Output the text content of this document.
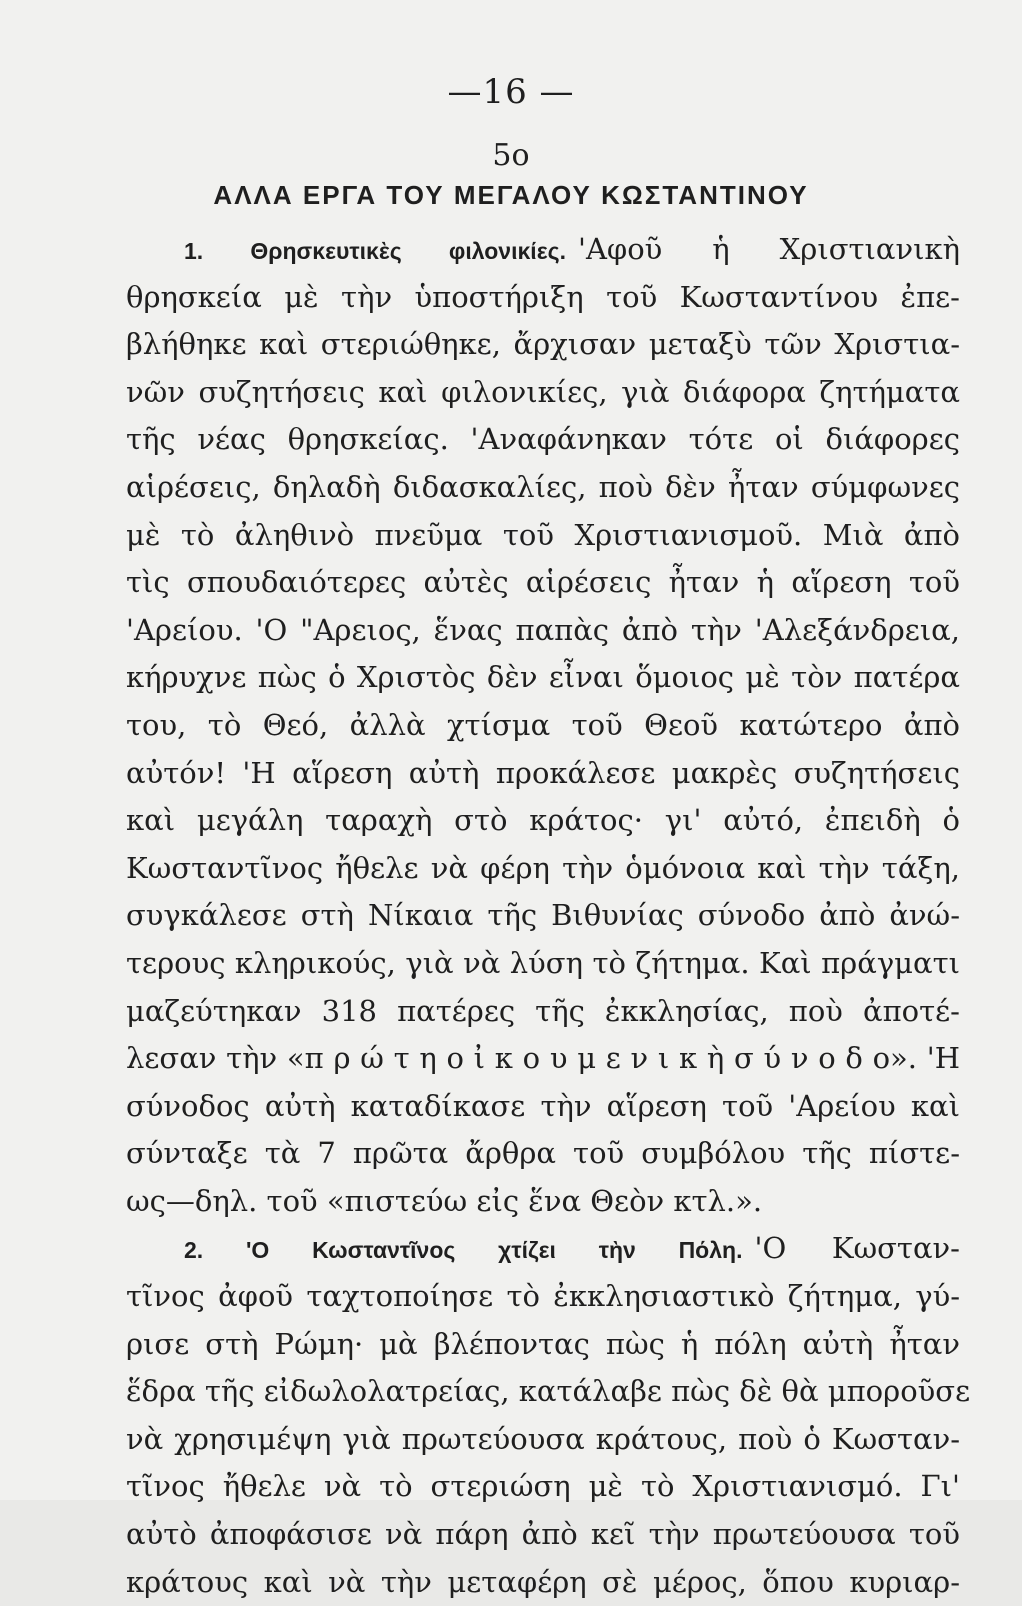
—16 —
5ο
ΑΛΛΑ ΕΡΓΑ ΤΟΥ ΜΕΓΑΛΟΥ ΚΩΣΤΑΝΤΙΝΟΥ
1. Θρησκευτικὲς φιλονικίες. 'Αφοῦ ἡ Χριστιανικὴ
θρησκεία μὲ τὴν ὑποστήριξη τοῦ Κωσταντίνου ἐπε-
βλήθηκε καὶ στεριώθηκε, ἄρχισαν μεταξὺ τῶν Χριστια-
νῶν συζητήσεις καὶ φιλονικίες, γιὰ διάφορα ζητήματα
τῆς νέας θρησκείας. 'Αναφάνηκαν τότε οἱ διάφορες
αἱρέσεις, δηλαδὴ διδασκαλίες, ποὺ δὲν ἦταν σύμφωνες
μὲ τὸ ἀληθινὸ πνεῦμα τοῦ Χριστιανισμοῦ. Μιὰ ἀπὸ
τὶς σπουδαιότερες αὐτὲς αἱρέσεις ἦταν ἡ αἵρεση τοῦ
'Αρείου. 'Ο "Αρειος, ἕνας παπὰς ἀπὸ τὴν 'Αλεξάνδρεια,
κήρυχνε πὼς ὁ Χριστὸς δὲν εἶναι ὅμοιος μὲ τὸν πατέρα
του, τὸ Θεό, ἀλλὰ χτίσμα τοῦ Θεοῦ κατώτερο ἀπὸ
αὐτόν! 'Η αἵρεση αὐτὴ προκάλεσε μακρὲς συζητήσεις
καὶ μεγάλη ταραχὴ στὸ κράτος· γι' αὐτό, ἐπειδὴ ὁ
Κωσταντῖνος ἤθελε νὰ φέρη τὴν ὁμόνοια καὶ τὴν τάξη,
συγκάλεσε στὴ Νίκαια τῆς Βιθυνίας σύνοδο ἀπὸ ἀνώ-
τερους κληρικούς, γιὰ νὰ λύση τὸ ζήτημα. Καὶ πράγματι
μαζεύτηκαν 318 πατέρες τῆς ἐκκλησίας, ποὺ ἀποτέ-
λεσαν τὴν «π ρ ώ τ η ο ἰ κ ο υ μ ε ν ι κ ὴ σ ύ ν ο δ ο». 'Η
σύνοδος αὐτὴ καταδίκασε τὴν αἵρεση τοῦ 'Αρείου καὶ
σύνταξε τὰ 7 πρῶτα ἄρθρα τοῦ συμβόλου τῆς πίστε-
ως—δηλ. τοῦ «πιστεύω εἰς ἕνα Θεὸν κτλ.».
2. 'Ο Κωσταντῖνος χτίζει τὴν Πόλη. 'Ο Κωσταν-
τῖνος ἀφοῦ ταχτοποίησε τὸ ἐκκλησιαστικὸ ζήτημα, γύ-
ρισε στὴ Ρώμη· μὰ βλέποντας πὼς ἡ πόλη αὐτὴ ἦταν
ἕδρα τῆς εἰδωλολατρείας, κατάλαβε πὼς δὲ θὰ μποροῦσε
νὰ χρησιμέψη γιὰ πρωτεύουσα κράτους, ποὺ ὁ Κωσταν-
τῖνος ἤθελε νὰ τὸ στεριώση μὲ τὸ Χριστιανισμό. Γι'
αὐτὸ ἀποφάσισε νὰ πάρη ἀπὸ κεῖ τὴν πρωτεύουσα τοῦ
κράτους καὶ νὰ τὴν μεταφέρη σὲ μέρος, ὅπου κυριαρ-
